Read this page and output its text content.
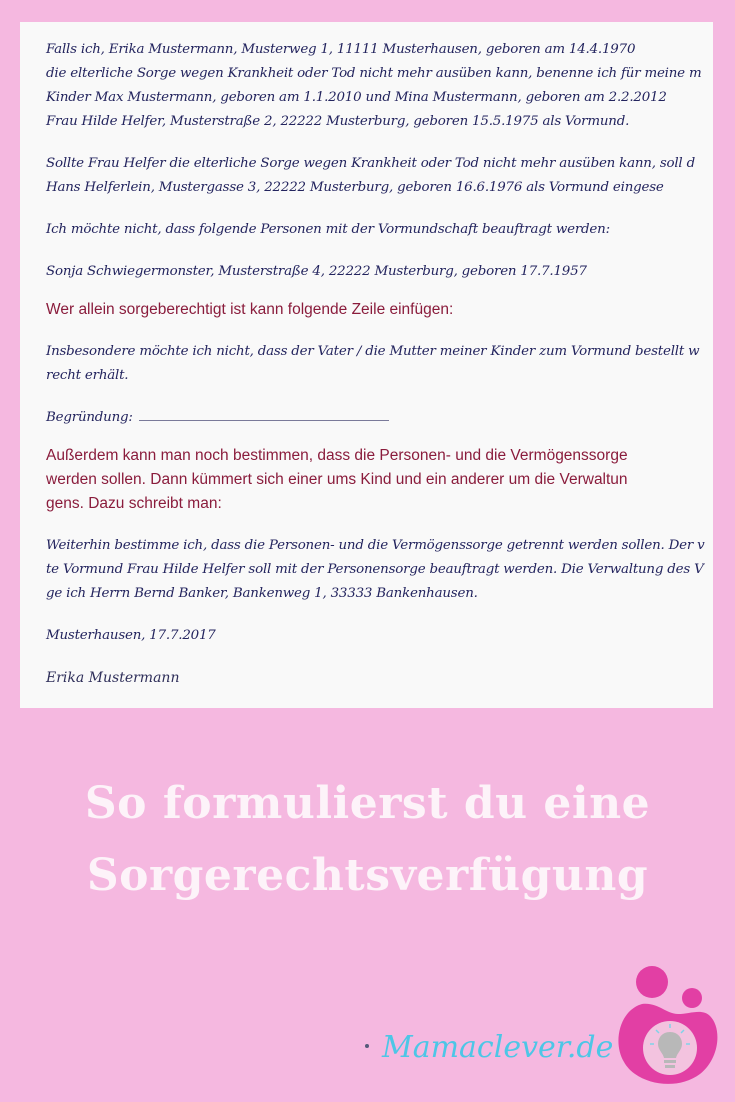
Falls ich, Erika Mustermann, Musterweg 1, 11111 Musterhausen, geboren am 14.4.1970
die elterliche Sorge wegen Krankheit oder Tod nicht mehr ausüben kann, benenne ich für meine m
Kinder Max Mustermann, geboren am 1.1.2010 und Mina Mustermann, geboren am 2.2.2012
Frau Hilde Helfer, Musterstraße 2, 22222 Musterburg, geboren 15.5.1975 als Vormund.
Sollte Frau Helfer die elterliche Sorge wegen Krankheit oder Tod nicht mehr ausüben kann, soll d
Hans Helferlein, Mustergasse 3, 22222 Musterburg, geboren 16.6.1976 als Vormund eingese
Ich möchte nicht, dass folgende Personen mit der Vormundschaft beauftragt werden:
Sonja Schwiegermonster, Musterstraße 4, 22222 Musterburg, geboren 17.7.1957
Wer allein sorgeberechtigt ist kann folgende Zeile einfügen:
Insbesondere möchte ich nicht, dass der Vater / die Mutter meiner Kinder zum Vormund bestellt w
recht erhält.
Begründung:
Außerdem kann man noch bestimmen, dass die Personen- und die Vermögenssorge
werden sollen. Dann kümmert sich einer ums Kind und ein anderer um die Verwaltun
gens. Dazu schreibt man:
Weiterhin bestimme ich, dass die Personen- und die Vermögenssorge getrennt werden sollen. Der v
te Vormund Frau Hilde Helfer soll mit der Personensorge beauftragt werden. Die Verwaltung des V
ge ich Herrn Bernd Banker, Bankenweg 1, 33333 Bankenhausen.
Musterhausen, 17.7.2017
Erika Mustermann
So formulierst du eine
Sorgerechtsverfügung
Mamaclever.de
